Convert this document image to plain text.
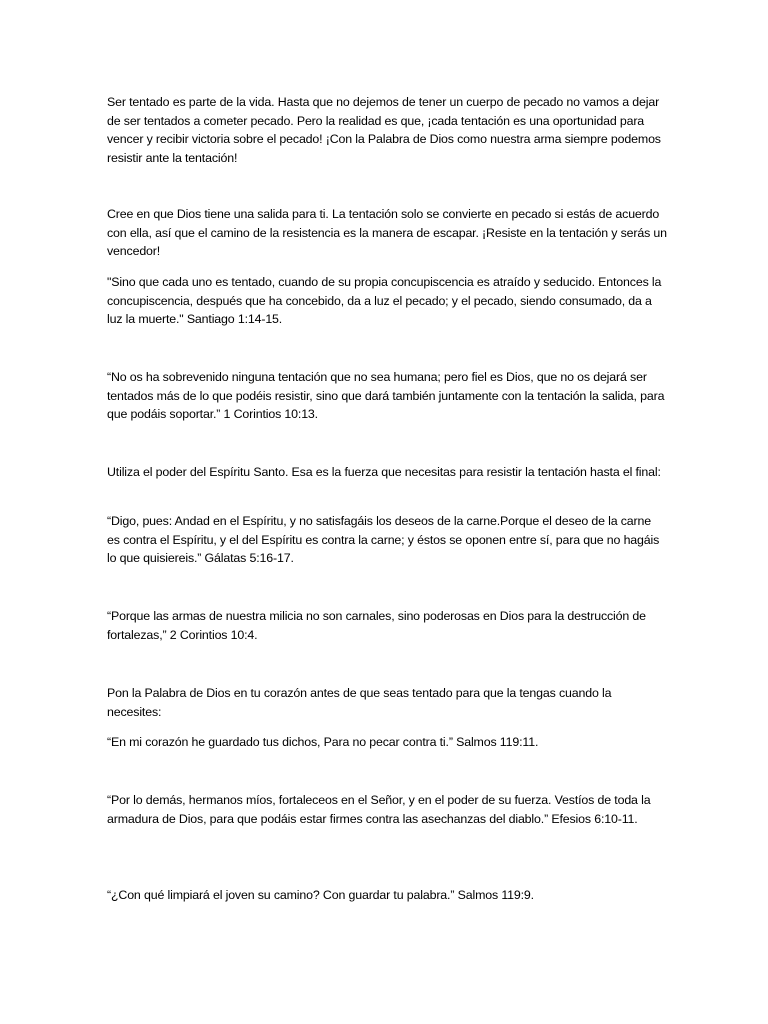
Ser tentado es parte de la vida. Hasta que no dejemos de tener un cuerpo de pecado no vamos a dejar de ser tentados a cometer pecado. Pero la realidad es que, ¡cada tentación es una oportunidad para vencer y recibir victoria sobre el pecado! ¡Con la Palabra de Dios como nuestra arma siempre podemos resistir ante la tentación!

Cree en que Dios tiene una salida para ti. La tentación solo se convierte en pecado si estás de acuerdo con ella, así que el camino de la resistencia es la manera de escapar. ¡Resiste en la tentación y serás un vencedor!

"Sino que cada uno es tentado, cuando de su propia concupiscencia es atraído y seducido. Entonces la concupiscencia, después que ha concebido, da a luz el pecado; y el pecado, siendo consumado, da a luz la muerte." Santiago 1:14-15.

“No os ha sobrevenido ninguna tentación que no sea humana; pero fiel es Dios, que no os dejará ser tentados más de lo que podéis resistir, sino que dará también juntamente con la tentación la salida, para que podáis soportar.” 1 Corintios 10:13.

Utiliza el poder del Espíritu Santo. Esa es la fuerza que necesitas para resistir la tentación hasta el final:

“Digo, pues: Andad en el Espíritu, y no satisfagáis los deseos de la carne.Porque el deseo de la carne es contra el Espíritu, y el del Espíritu es contra la carne; y éstos se oponen entre sí, para que no hagáis lo que quisiereis.” Gálatas 5:16-17.

“Porque las armas de nuestra milicia no son carnales, sino poderosas en Dios para la destrucción de fortalezas,” 2 Corintios 10:4.

Pon la Palabra de Dios en tu corazón antes de que seas tentado para que la tengas cuando la necesites:

“En mi corazón he guardado tus dichos, Para no pecar contra ti.” Salmos 119:11.

“Por lo demás, hermanos míos, fortaleceos en el Señor, y en el poder de su fuerza. Vestíos de toda la armadura de Dios, para que podáis estar firmes contra las asechanzas del diablo.” Efesios 6:10-11.

“¿Con qué limpiará el joven su camino? Con guardar tu palabra.” Salmos 119:9.
